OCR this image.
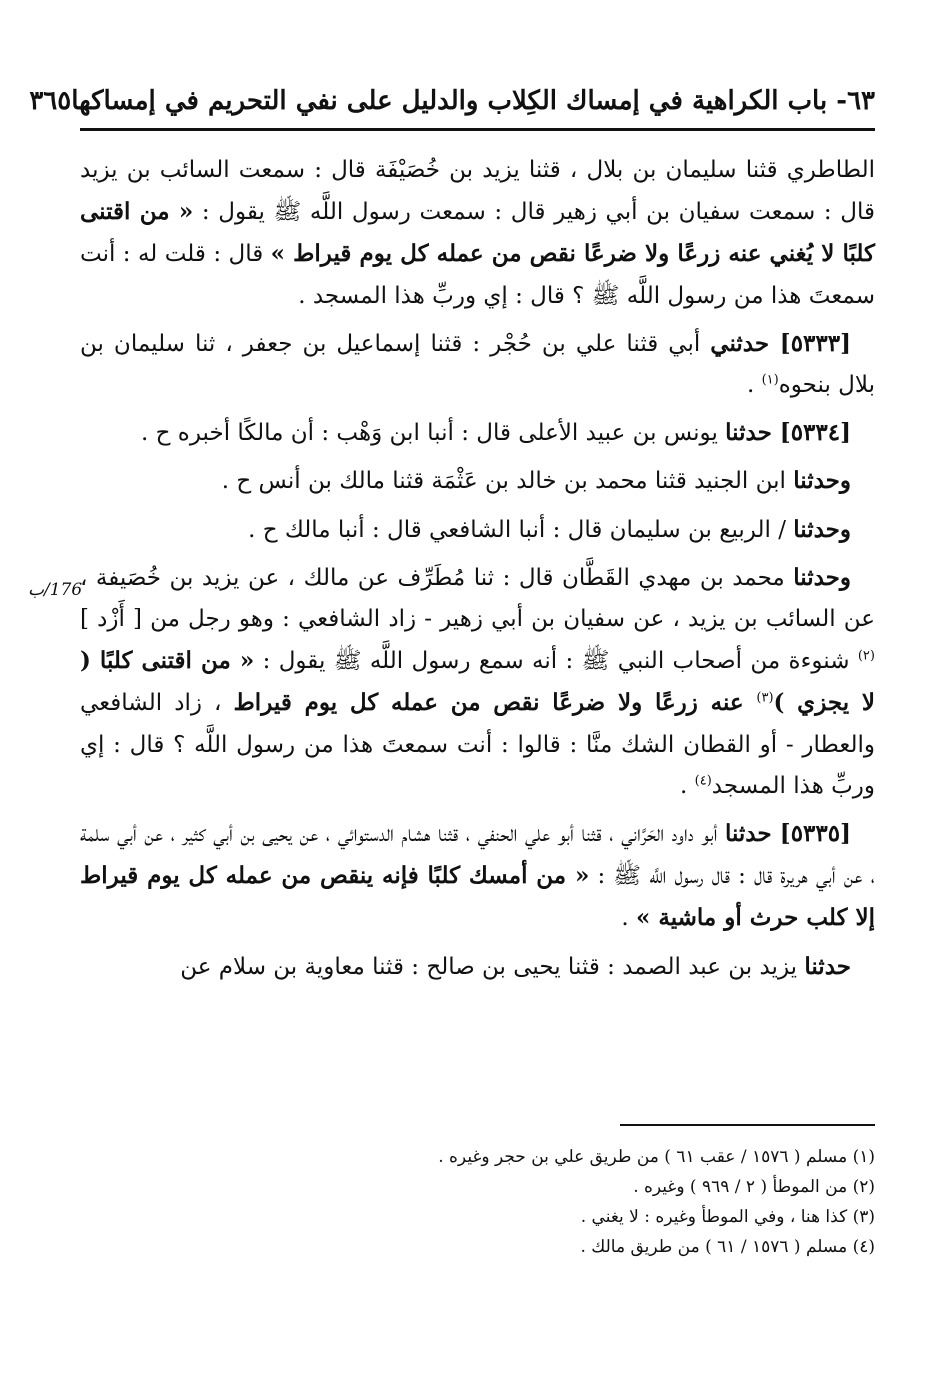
٦٣- باب الكراهية في إمساك الكِلاب والدليل على نفي التحريم في إمساكها
٣٦٥
176/ب

الطاطري قثنا سليمان بن بلال ، قثنا يزيد بن خُصَيْفَة قال : سمعت السائب بن يزيد قال : سمعت سفيان بن أبي زهير قال : سمعت رسول اللَّه ﷺ يقول : « من اقتنى كلبًا لا يُغني عنه زرعًا ولا ضرعًا نقص من عمله كل يوم قيراط » قال : قلت له : أنت سمعتَ هذا من رسول اللَّه ﷺ ؟ قال : إي وربِّ هذا المسجد .

[٥٣٣٣] حدثني أبي قثنا علي بن حُجْر : قثنا إسماعيل بن جعفر ، ثنا سليمان بن بلال بنحوه$^{(١)}$ .

[٥٣٣٤] حدثنا يونس بن عبيد الأعلى قال : أنبا ابن وَهْب : أن مالكًا أخبره ح .

وحدثنا ابن الجنيد قثنا محمد بن خالد بن عَثْمَة قثنا مالك بن أنس ح .

وحدثنا / الربيع بن سليمان قال : أنبا الشافعي قال : أنبا مالك ح .

وحدثنا محمد بن مهدي القَطَّان قال : ثنا مُطَرِّف عن مالك ، عن يزيد بن خُصَيفة ، عن السائب بن يزيد ، عن سفيان بن أبي زهير - زاد الشافعي : وهو رجل من [ أَزْد ]$^{(٢)}$ شنوءة من أصحاب النبي ﷺ : أنه سمع رسول اللَّه ﷺ يقول : « من اقتنى كلبًا ( لا يجزي )$^{(٣)}$ عنه زرعًا ولا ضرعًا نقص من عمله كل يوم قيراط ، زاد الشافعي والعطار - أو القطان الشك منَّا : قالوا : أنت سمعتَ هذا من رسول اللَّه ؟ قال : إي وربِّ هذا المسجد$^{(٤)}$ .

[٥٣٣٥] حدثنا أبو داود الحَرَّاني ، قثنا أبو علي الحنفي ، قثنا هشام الدستوائي ، عن يحيى بن أبي كثير ، عن أبي سلمة ، عن أبي هريرة قال : قال رسول اللَّه ﷺ : « من أمسك كلبًا فإنه ينقص من عمله كل يوم قيراط إلا كلب حرث أو ماشية » .

حدثنا يزيد بن عبد الصمد : قثنا يحيى بن صالح : قثنا معاوية بن سلام عن

(١) مسلم ( ١٥٧٦ / عقب ٦١ ) من طريق علي بن حجر وغيره .

(٢) من الموطأ ( ٢ / ٩٦٩ ) وغيره .

(٣) كذا هنا ، وفي الموطأ وغيره : لا يغني .

(٤) مسلم ( ١٥٧٦ / ٦١ ) من طريق مالك .
